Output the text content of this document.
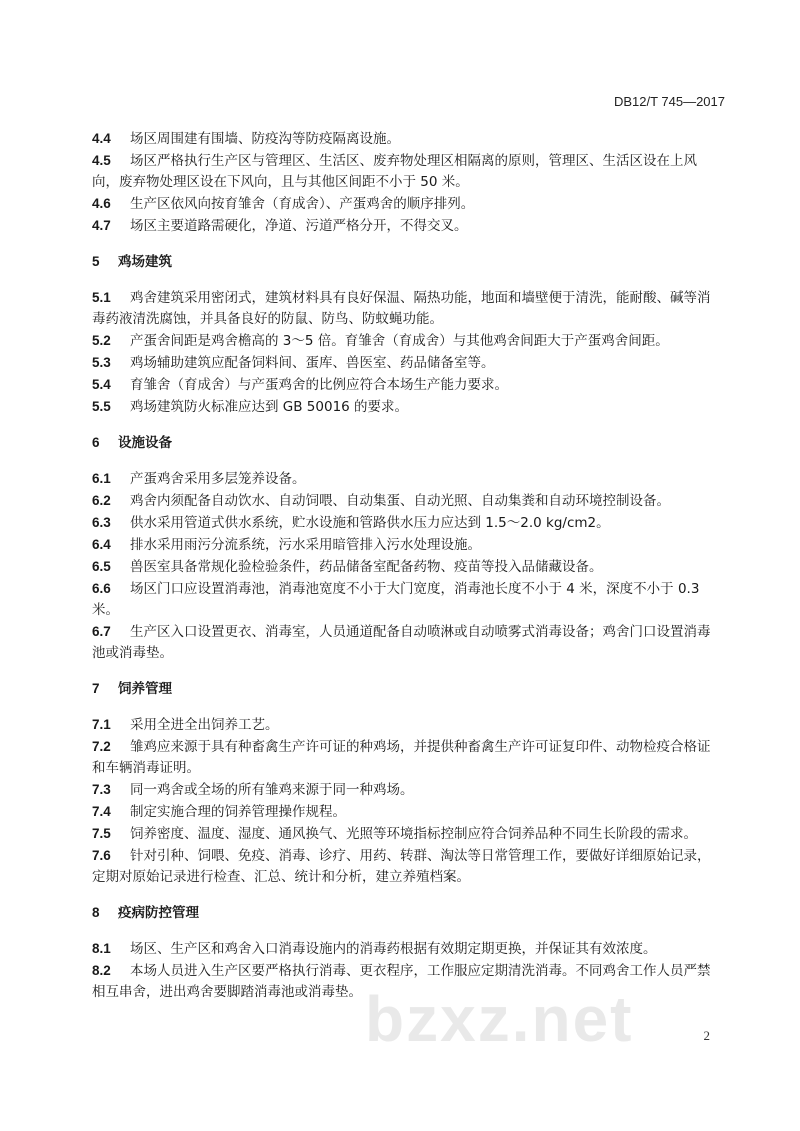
DB12/T 745—2017

4.4 场区周围建有围墙、防疫沟等防疫隔离设施。

4.5 场区严格执行生产区与管理区、生活区、废弃物处理区相隔离的原则，管理区、生活区设在上风向，废弃物处理区设在下风向，且与其他区间距不小于 50 米。

4.6 生产区依风向按育雏舍（育成舍）、产蛋鸡舍的顺序排列。

4.7 场区主要道路需硬化，净道、污道严格分开，不得交叉。

5 鸡场建筑

5.1 鸡舍建筑采用密闭式，建筑材料具有良好保温、隔热功能，地面和墙壁便于清洗，能耐酸、碱等消毒药液清洗腐蚀，并具备良好的防鼠、防鸟、防蚊蝇功能。

5.2 产蛋舍间距是鸡舍檐高的 3～5 倍。育雏舍（育成舍）与其他鸡舍间距大于产蛋鸡舍间距。

5.3 鸡场辅助建筑应配备饲料间、蛋库、兽医室、药品储备室等。

5.4 育雏舍（育成舍）与产蛋鸡舍的比例应符合本场生产能力要求。

5.5 鸡场建筑防火标准应达到 GB 50016 的要求。

6 设施设备

6.1 产蛋鸡舍采用多层笼养设备。

6.2 鸡舍内须配备自动饮水、自动饲喂、自动集蛋、自动光照、自动集粪和自动环境控制设备。

6.3 供水采用管道式供水系统，贮水设施和管路供水压力应达到 1.5～2.0 kg/cm2。

6.4 排水采用雨污分流系统，污水采用暗管排入污水处理设施。

6.5 兽医室具备常规化验检验条件，药品储备室配备药物、疫苗等投入品储藏设备。

6.6 场区门口应设置消毒池，消毒池宽度不小于大门宽度，消毒池长度不小于 4 米，深度不小于 0.3 米。

6.7 生产区入口设置更衣、消毒室，人员通道配备自动喷淋或自动喷雾式消毒设备；鸡舍门口设置消毒池或消毒垫。

7 饲养管理

7.1 采用全进全出饲养工艺。

7.2 雏鸡应来源于具有种畜禽生产许可证的种鸡场，并提供种畜禽生产许可证复印件、动物检疫合格证和车辆消毒证明。

7.3 同一鸡舍或全场的所有雏鸡来源于同一种鸡场。

7.4 制定实施合理的饲养管理操作规程。

7.5 饲养密度、温度、湿度、通风换气、光照等环境指标控制应符合饲养品种不同生长阶段的需求。

7.6 针对引种、饲喂、免疫、消毒、诊疗、用药、转群、淘汰等日常管理工作，要做好详细原始记录，定期对原始记录进行检查、汇总、统计和分析，建立养殖档案。

8 疫病防控管理

8.1 场区、生产区和鸡舍入口消毒设施内的消毒药根据有效期定期更换，并保证其有效浓度。

8.2 本场人员进入生产区要严格执行消毒、更衣程序，工作服应定期清洗消毒。不同鸡舍工作人员严禁相互串舍，进出鸡舍要脚踏消毒池或消毒垫。 bzxz.net	2
